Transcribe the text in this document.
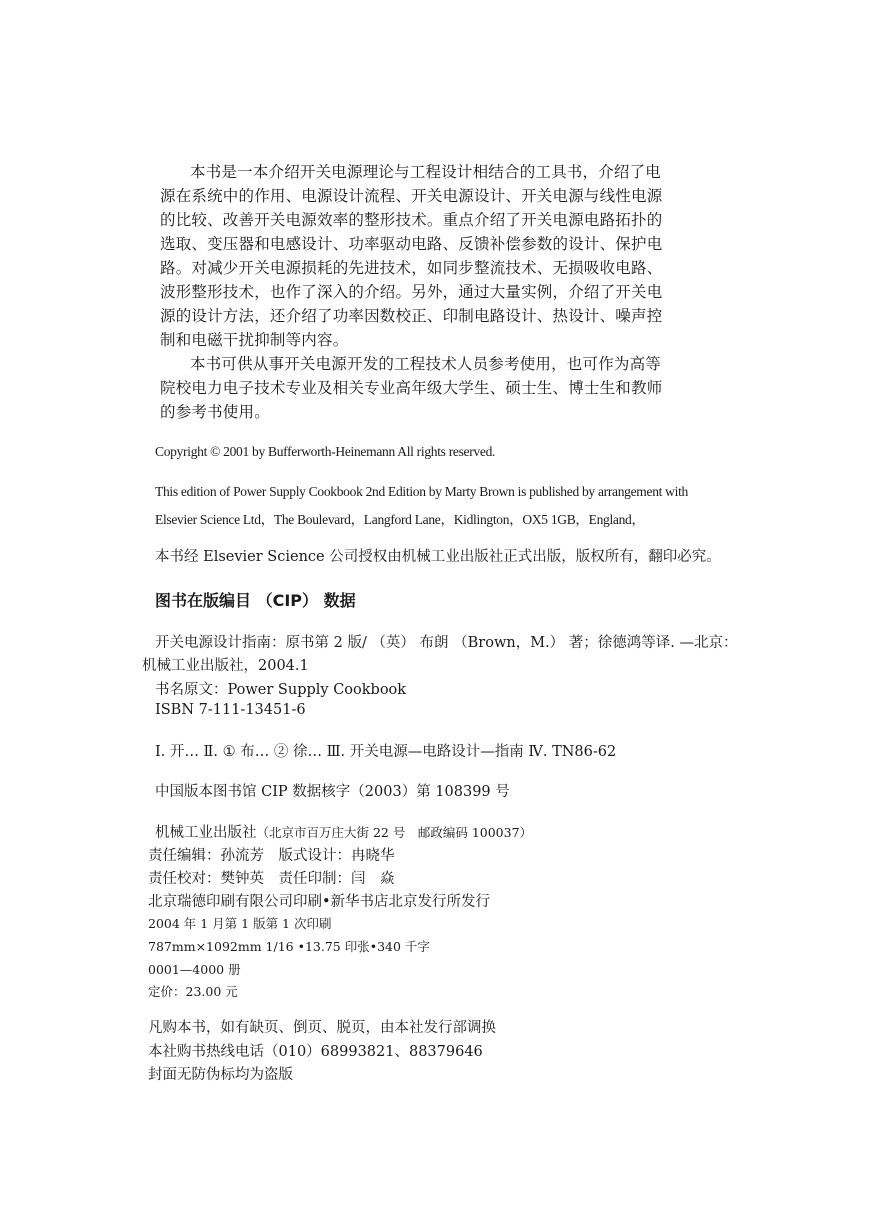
本书是一本介绍开关电源理论与工程设计相结合的工具书，介绍了电

源在系统中的作用、电源设计流程、开关电源设计、开关电源与线性电源

的比较、改善开关电源效率的整形技术。重点介绍了开关电源电路拓扑的

选取、变压器和电感设计、功率驱动电路、反馈补偿参数的设计、保护电

路。对减少开关电源损耗的先进技术，如同步整流技术、无损吸收电路、

波形整形技术，也作了深入的介绍。另外，通过大量实例，介绍了开关电

源的设计方法，还介绍了功率因数校正、印制电路设计、热设计、噪声控

制和电磁干扰抑制等内容。

本书可供从事开关电源开发的工程技术人员参考使用，也可作为高等

院校电力电子技术专业及相关专业高年级大学生、硕士生、博士生和教师

的参考书使用。

Copyright © 2001 by Bufferworth-Heinemann All rights reserved.
This edition of Power Supply Cookbook 2nd Edition by Marty Brown is published by arrangement with
Elsevier Science Ltd，The Boulevard，Langford Lane，Kidlington，OX5 1GB，England，
本书经 Elsevier Science 公司授权由机械工业出版社正式出版，版权所有，翻印必究。
图书在版编目 （CIP） 数据
开关电源设计指南：原书第 2 版/ （英） 布朗 （Brown，M.） 著；徐德鸿等译. —北京：
机械工业出版社，2004.1
书名原文：Power Supply Cookbook
ISBN 7-111-13451-6
Ⅰ. 开… Ⅱ. ① 布… ② 徐… Ⅲ. 开关电源—电路设计—指南 Ⅳ. TN86-62
中国版本图书馆 CIP 数据核字（2003）第 108399 号
机械工业出版社（北京市百万庄大街 22 号　邮政编码 100037）
责任编辑：孙流芳　版式设计：冉晓华
责任校对：樊钟英　责任印制：闫　焱
北京瑞德印刷有限公司印刷•新华书店北京发行所发行
2004 年 1 月第 1 版第 1 次印刷
787mm×1092mm 1/16 •13.75 印张•340 千字
0001—4000 册
定价：23.00 元
凡购本书，如有缺页、倒页、脱页，由本社发行部调换
本社购书热线电话（010）68993821、88379646
封面无防伪标均为盗版
